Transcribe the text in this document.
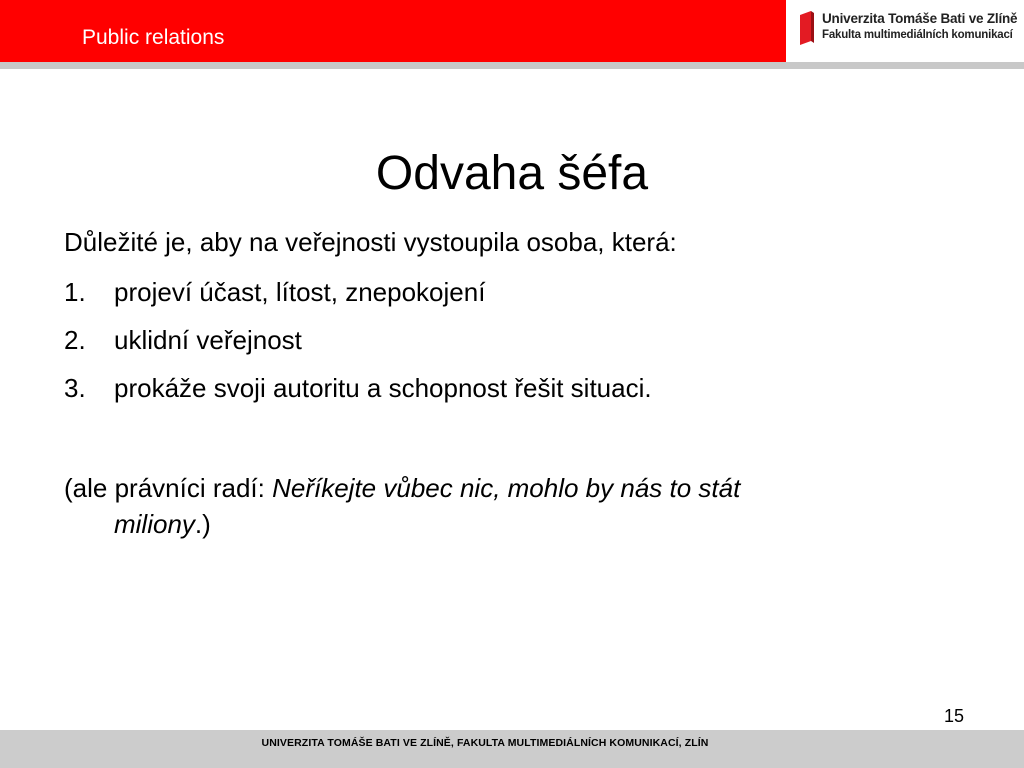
Public relations
Univerzita Tomáše Bati ve Zlíně
Fakulta multimediálních komunikací
Odvaha šéfa
Důležité je, aby na veřejnosti vystoupila osoba, která:
1. projeví účast, lítost, znepokojení
2. uklidní veřejnost
3. prokáže svoji autoritu a schopnost řešit situaci.
(ale právníci radí: Neříkejte vůbec nic, mohlo by nás to stát
miliony.)
15
UNIVERZITA TOMÁŠE BATI VE ZLÍNĚ, FAKULTA MULTIMEDIÁLNÍCH KOMUNIKACÍ, ZLÍN
